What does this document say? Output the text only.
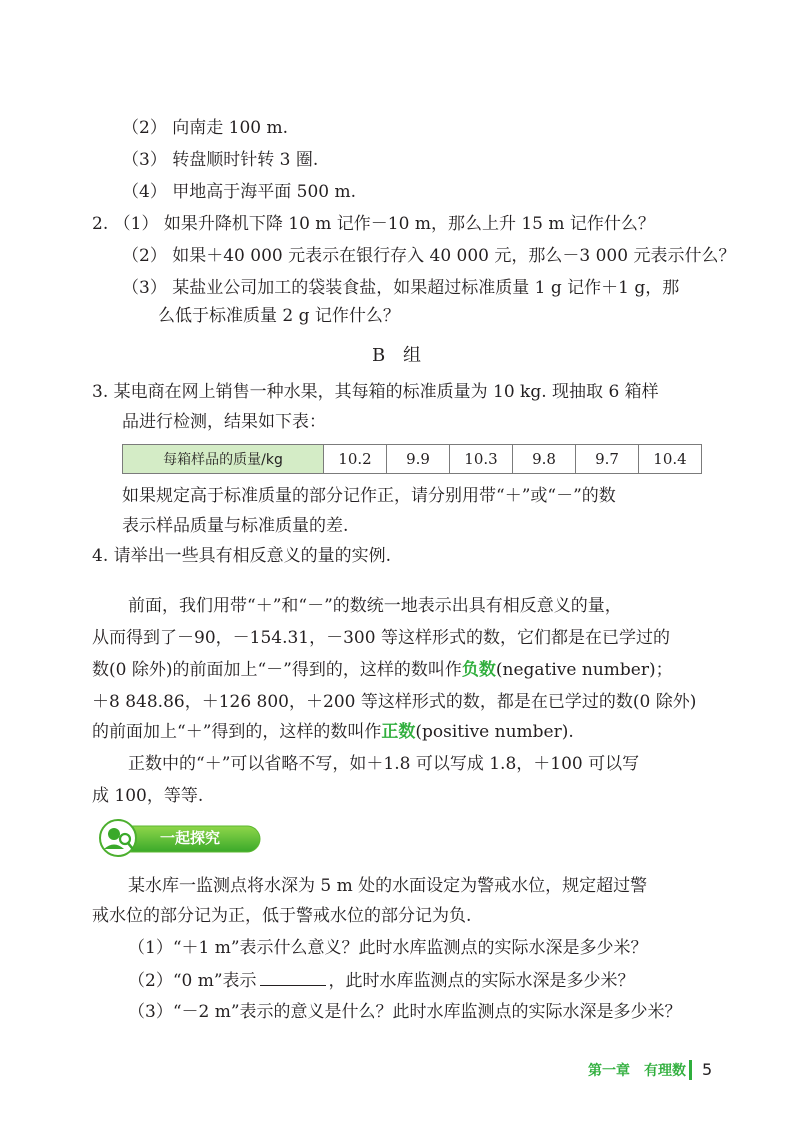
（2） 向南走 100 m.
（3） 转盘顺时针转 3 圈.
（4） 甲地高于海平面 500 m.
2. （1） 如果升降机下降 10 m 记作－10 m，那么上升 15 m 记作什么？
（2） 如果＋40 000 元表示在银行存入 40 000 元，那么－3 000 元表示什么？
（3） 某盐业公司加工的袋装食盐，如果超过标准质量 1 g 记作＋1 g，那
么低于标准质量 2 g 记作什么？
B 组
3. 某电商在网上销售一种水果，其每箱的标准质量为 10 kg. 现抽取 6 箱样
品进行检测，结果如下表：
每箱样品的质量/kg	10.2	9.9	10.3	9.8	9.7	10.4
如果规定高于标准质量的部分记作正，请分别用带“＋”或“－”的数
表示样品质量与标准质量的差.
4. 请举出一些具有相反意义的量的实例.
前面，我们用带“＋”和“－”的数统一地表示出具有相反意义的量，
从而得到了－90，－154.31，－300 等这样形式的数，它们都是在已学过的
数(0 除外)的前面加上“－”得到的，这样的数叫作负数(negative number)；
＋8 848.86，＋126 800，＋200 等这样形式的数，都是在已学过的数(0 除外)
的前面加上“＋”得到的，这样的数叫作正数(positive number).
正数中的“＋”可以省略不写，如＋1.8 可以写成 1.8，＋100 可以写
成 100，等等.
一起探究
某水库一监测点将水深为 5 m 处的水面设定为警戒水位，规定超过警
戒水位的部分记为正，低于警戒水位的部分记为负.
（1）“＋1 m”表示什么意义？此时水库监测点的实际水深是多少米？
（2）“0 m”表示	，此时水库监测点的实际水深是多少米？
（3）“－2 m”表示的意义是什么？此时水库监测点的实际水深是多少米？
第一章　有理数 5
